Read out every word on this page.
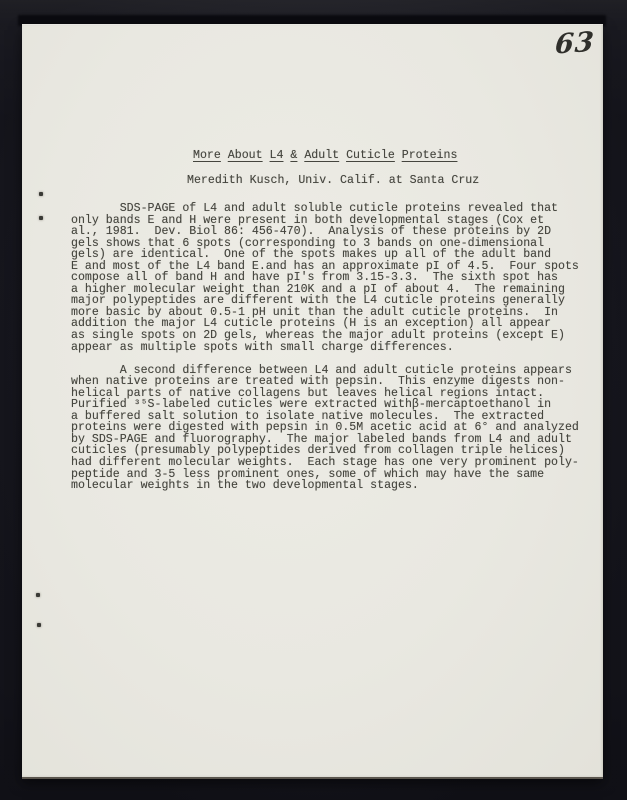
63
More About L4 & Adult Cuticle Proteins
Meredith Kusch, Univ. Calif. at Santa Cruz
SDS-PAGE of L4 and adult soluble cuticle proteins revealed that
only bands E and H were present in both developmental stages (Cox et
al., 1981.  Dev. Biol 86: 456-470).  Analysis of these proteins by 2D
gels shows that 6 spots (corresponding to 3 bands on one-dimensional
gels) are identical.  One of the spots makes up all of the adult band
E and most of the L4 band E.and has an approximate pI of 4.5.  Four spots
compose all of band H and have pI's from 3.15-3.3.  The sixth spot has
a higher molecular weight than 210K and a pI of about 4.  The remaining
major polypeptides are different with the L4 cuticle proteins generally
more basic by about 0.5-1 pH unit than the adult cuticle proteins.  In
addition the major L4 cuticle proteins (H is an exception) all appear
as single spots on 2D gels, whereas the major adult proteins (except E)
appear as multiple spots with small charge differences.
A second difference between L4 and adult cuticle proteins appears
when native proteins are treated with pepsin.  This enzyme digests non-
helical parts of native collagens but leaves helical regions intact.
Purified ³⁵S-labeled cuticles were extracted withβ-mercaptoethanol in
a buffered salt solution to isolate native molecules.  The extracted
proteins were digested with pepsin in 0.5M acetic acid at 6° and analyzed
by SDS-PAGE and fluorography.  The major labeled bands from L4 and adult
cuticles (presumably polypeptides derived from collagen triple helices)
had different molecular weights.  Each stage has one very prominent poly-
peptide and 3-5 less prominent ones, some of which may have the same
molecular weights in the two developmental stages.
